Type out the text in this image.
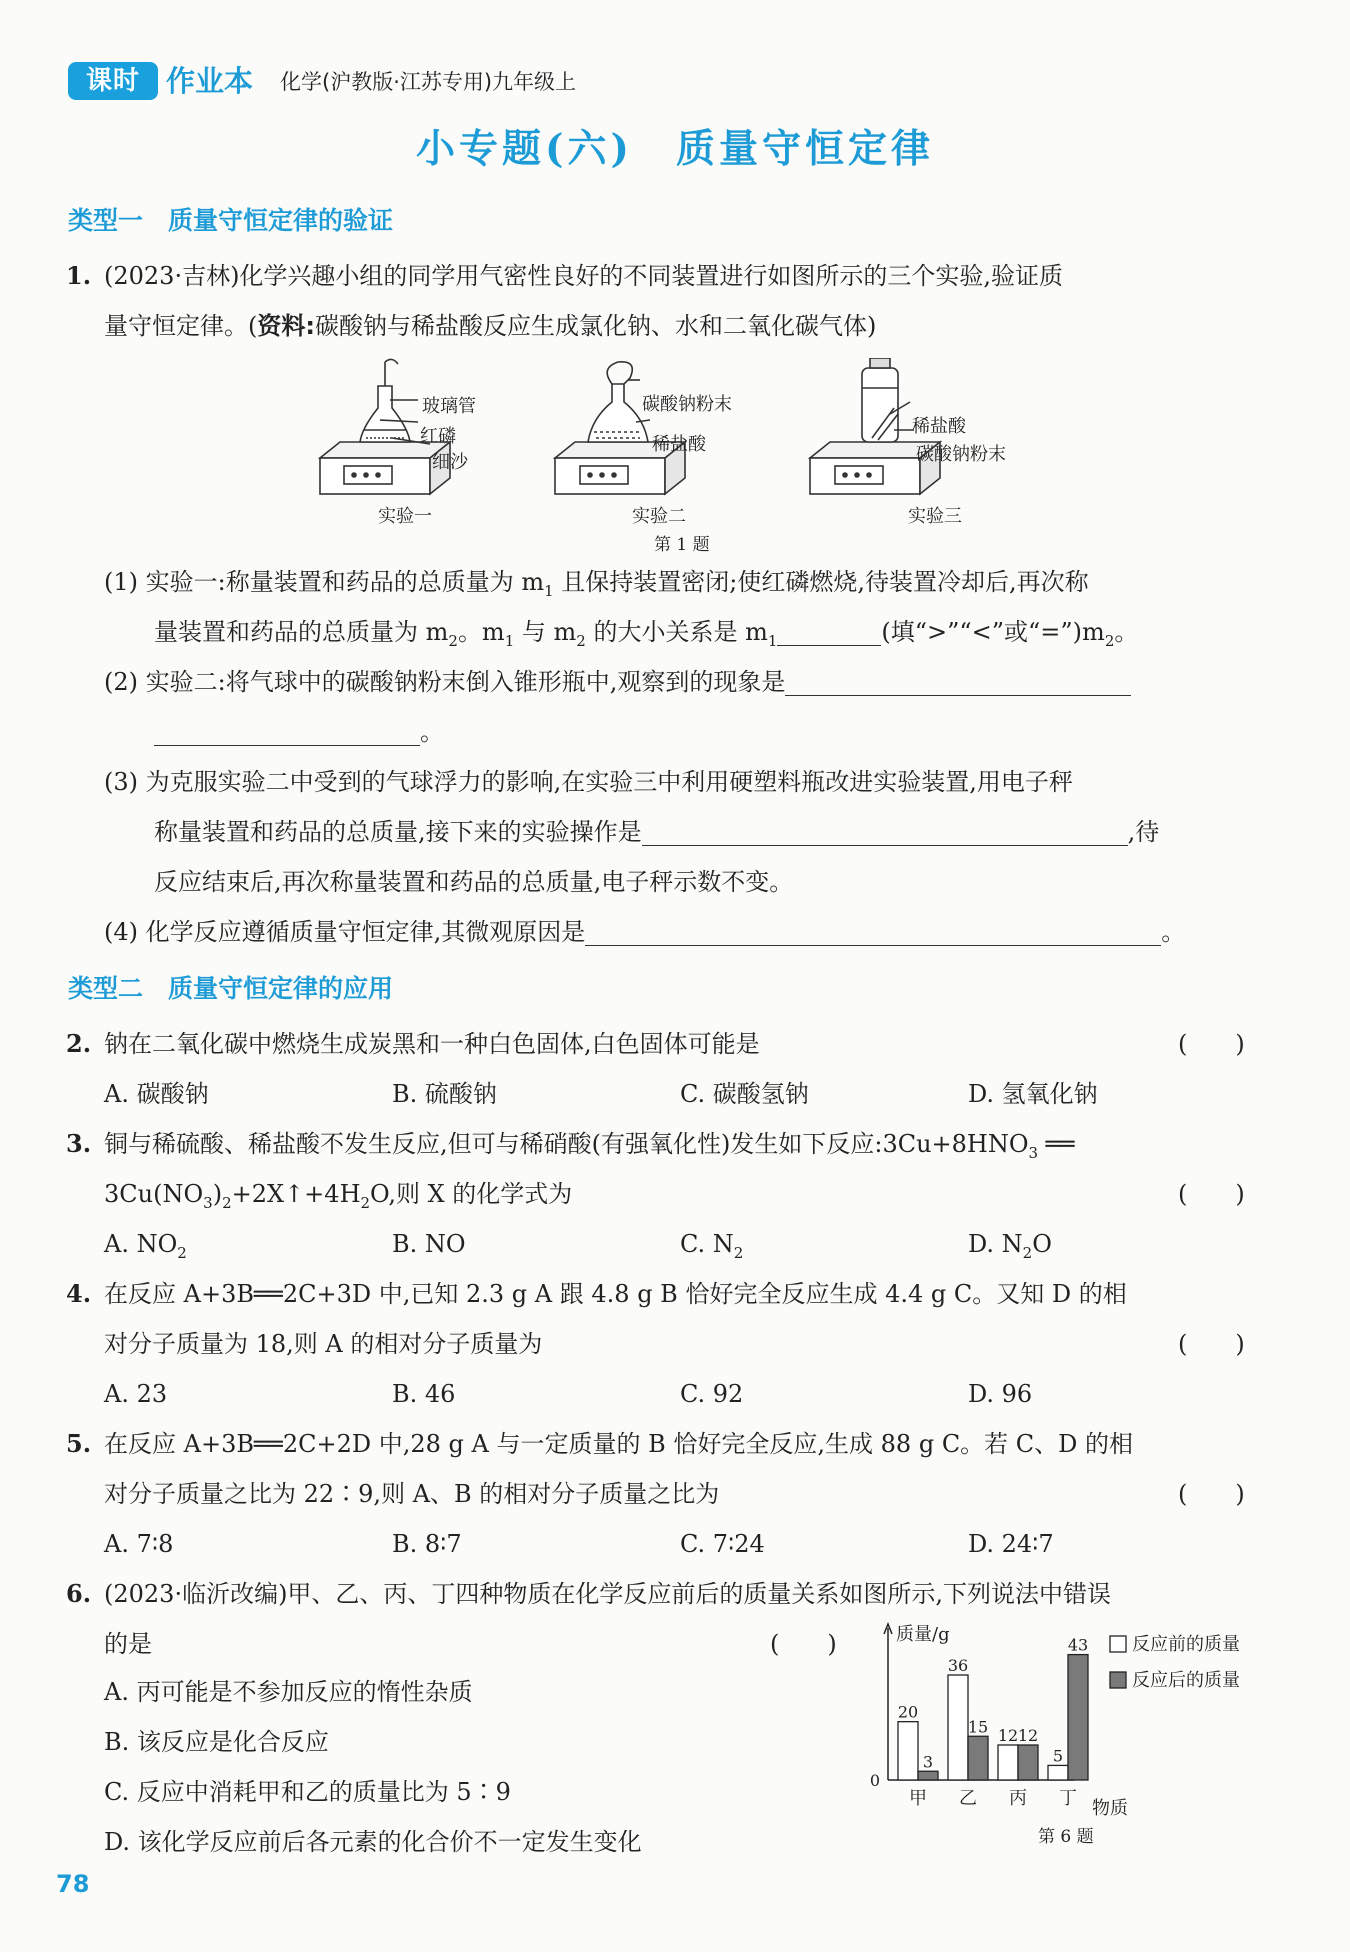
课时 作业本 化学(沪教版·江苏专用)九年级上
小专题(六)　质量守恒定律
类型一　质量守恒定律的验证
1. (2023·吉林)化学兴趣小组的同学用气密性良好的不同装置进行如图所示的三个实验,验证质
量守恒定律。(资料:碳酸钠与稀盐酸反应生成氯化钠、水和二氧化碳气体)
玻璃管
红磷
细沙
碳酸钠粉末
稀盐酸
稀盐酸
碳酸钠粉末
实验一	实验二	实验三
第 1 题
(1) 实验一:称量装置和药品的总质量为 $m_1$ 且保持装置密闭;使红磷燃烧,待装置冷却后,再次称
量装置和药品的总质量为 $m_2$。$m_1$ 与 $m_2$ 的大小关系是 $m_1$	(填“>”“<”或“$=”)m_2$。
(2) 实验二:将气球中的碳酸钠粉末倒入锥形瓶中,观察到的现象是
。
(3) 为克服实验二中受到的气球浮力的影响,在实验三中利用硬塑料瓶改进实验装置,用电子秤
称量装置和药品的总质量,接下来的实验操作是	,待
反应结束后,再次称量装置和药品的总质量,电子秤示数不变。
(4) 化学反应遵循质量守恒定律,其微观原因是	。
类型二　质量守恒定律的应用
2. 钠在二氧化碳中燃烧生成炭黑和一种白色固体,白色固体可能是	(　　)
A. 碳酸钠	B. 硫酸钠	C. 碳酸氢钠	D. 氢氧化钠
3. 铜与稀硫酸、稀盐酸不发生反应,但可与稀硝酸(有强氧化性)发生如下反应$:3Cu+8HNO_3$ ══
$3Cu(NO_3)_2+2X↑+4H_2O$,则 X 的化学式为	(　　)
A. $NO_2$	B. NO	C. $N_2$	D. $N_2O$
4. 在反应 A+3B══2C+3D 中,已知 2.3 g A 跟 4.8 g B 恰好完全反应生成 4.4 g C。又知 D 的相
对分子质量为 18,则 A 的相对分子质量为	(　　)
A. 23	B. 46	C. 92	D. 96
5. 在反应 A+3B══2C+2D 中,28 g A 与一定质量的 B 恰好完全反应,生成 88 g C。若 C、D 的相
对分子质量之比为 22∶9,则 A、B 的相对分子质量之比为	(　　)
A. 7∶8	B. 8∶7	C. 7∶24	D. 24∶7
6. (2023·临沂改编)甲、乙、丙、丁四种物质在化学反应前后的质量关系如图所示,下列说法中错误
的是	(　　)
A. 丙可能是不参加反应的惰性杂质
B. 该反应是化合反应
C. 反应中消耗甲和乙的质量比为 5∶9
D. 该化学反应前后各元素的化合价不一定发生变化
质量/g
0
物质
20
3
甲
36
15
乙
12 12
丙
5
43
丁
反应前的质量
反应后的质量
第 6 题
78
